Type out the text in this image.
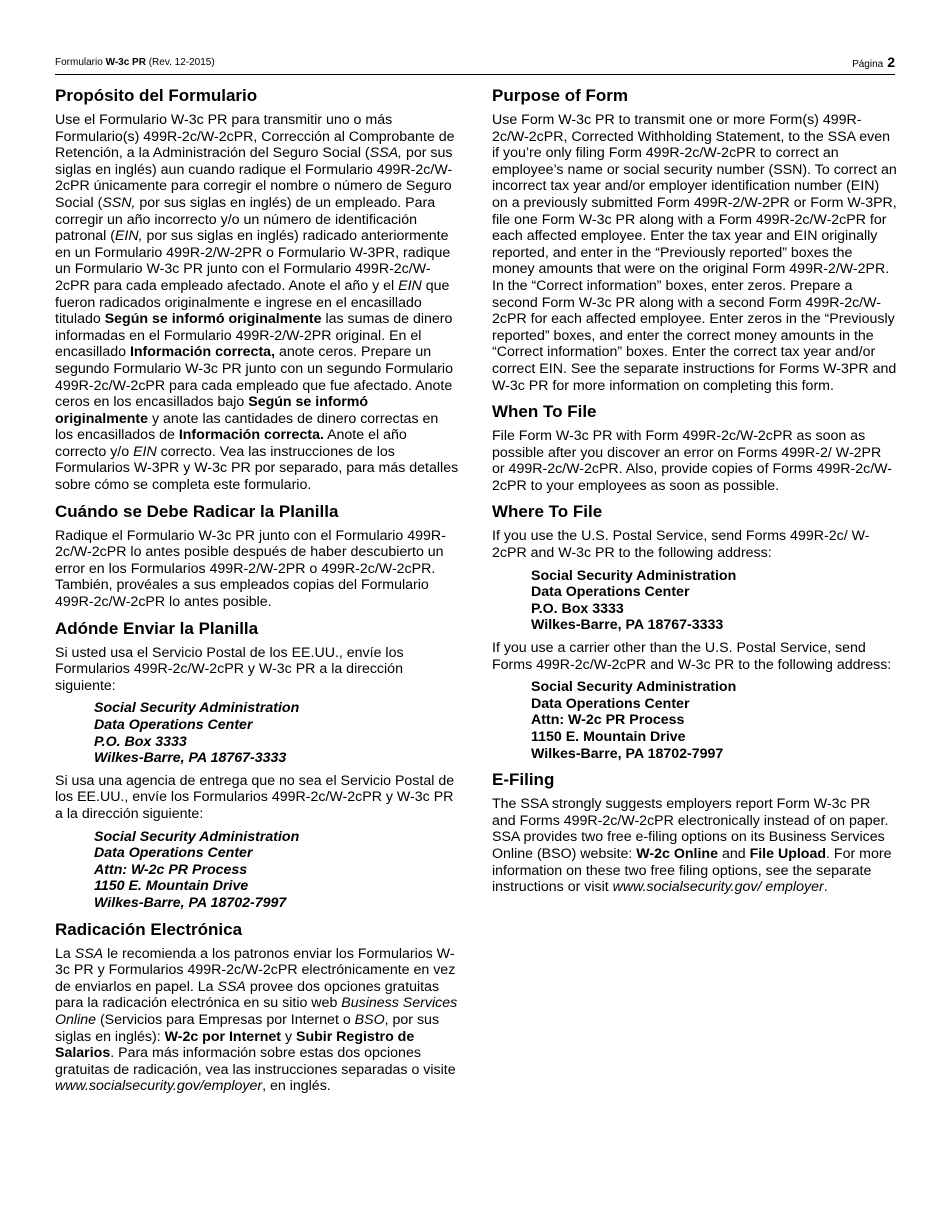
Formulario W-3c PR (Rev. 12-2015)	Página 2
Propósito del Formulario

Use el Formulario W-3c PR para transmitir uno o más Formulario(s) 499R-2c/W-2cPR, Corrección al Comprobante de Retención, a la Administración del Seguro Social (SSA, por sus siglas en inglés) aun cuando radique el Formulario 499R-2c/W-2cPR únicamente para corregir el nombre o número de Seguro Social (SSN, por sus siglas en inglés) de un empleado. Para corregir un año incorrecto y/o un número de identificación patronal (EIN, por sus siglas en inglés) radicado anteriormente en un Formulario 499R-2/W-2PR o Formulario W-3PR, radique un Formulario W-3c PR junto con el Formulario 499R-2c/W-2cPR para cada empleado afectado. Anote el año y el EIN que fueron radicados originalmente e ingrese en el encasillado titulado Según se informó originalmente las sumas de dinero informadas en el Formulario 499R-2/W-2PR original. En el encasillado Información correcta, anote ceros. Prepare un segundo Formulario W-3c PR junto con un segundo Formulario 499R-2c/W-2cPR para cada empleado que fue afectado. Anote ceros en los encasillados bajo Según se informó originalmente y anote las cantidades de dinero correctas en los encasillados de Información correcta. Anote el año correcto y/o EIN correcto. Vea las instrucciones de los Formularios W-3PR y W-3c PR por separado, para más detalles sobre cómo se completa este formulario.

Cuándo se Debe Radicar la Planilla

Radique el Formulario W-3c PR junto con el Formulario 499R-2c/W-2cPR lo antes posible después de haber descubierto un error en los Formularios 499R-2/W-2PR o 499R-2c/W-2cPR. También, provéales a sus empleados copias del Formulario 499R-2c/W-2cPR lo antes posible.

Adónde Enviar la Planilla

Si usted usa el Servicio Postal de los EE.UU., envíe los Formularios 499R-2c/W-2cPR y W-3c PR a la dirección siguiente:

Social Security Administration
Data Operations Center
P.O. Box 3333
Wilkes-Barre, PA 18767-3333

Si usa una agencia de entrega que no sea el Servicio Postal de los EE.UU., envíe los Formularios 499R-2c/W-2cPR y W-3c PR a la dirección siguiente:

Social Security Administration
Data Operations Center
Attn: W-2c PR Process
1150 E. Mountain Drive
Wilkes-Barre, PA 18702-7997
Radicación Electrónica

La SSA le recomienda a los patronos enviar los Formularios W-3c PR y Formularios 499R-2c/W-2cPR electrónicamente en vez de enviarlos en papel. La SSA provee dos opciones gratuitas para la radicación electrónica en su sitio web Business Services Online (Servicios para Empresas por Internet o BSO, por sus siglas en inglés): W-2c por Internet y Subir Registro de Salarios. Para más información sobre estas dos opciones gratuitas de radicación, vea las instrucciones separadas o visite www.socialsecurity.gov/employer, en inglés.

Purpose of Form

Use Form W-3c PR to transmit one or more Form(s) 499R-2c/W-2cPR, Corrected Withholding Statement, to the SSA even if you’re only filing Form 499R-2c/W-2cPR to correct an employee’s name or social security number (SSN). To correct an incorrect tax year and/or employer identification number (EIN) on a previously submitted Form 499R-2/W-2PR or Form W-3PR, file one Form W-3c PR along with a Form 499R-2c/W-2cPR for each affected employee. Enter the tax year and EIN originally reported, and enter in the “Previously reported” boxes the money amounts that were on the original Form 499R-2/W-2PR. In the “Correct information” boxes, enter zeros. Prepare a second Form W-3c PR along with a second Form 499R-2c/W-2cPR for each affected employee. Enter zeros in the “Previously reported” boxes, and enter the correct money amounts in the “Correct information” boxes. Enter the correct tax year and/or correct EIN. See the separate instructions for Forms W-3PR and W-3c PR for more information on completing this form.

When To File

File Form W-3c PR with Form 499R-2c/W-2cPR as soon as possible after you discover an error on Forms 499R-2/ W-2PR or 499R-2c/W-2cPR. Also, provide copies of Forms 499R-2c/W-2cPR to your employees as soon as possible.

Where To File

If you use the U.S. Postal Service, send Forms 499R-2c/ W-2cPR and W-3c PR to the following address:

Social Security Administration
Data Operations Center
P.O. Box 3333
Wilkes-Barre, PA 18767-3333

If you use a carrier other than the U.S. Postal Service, send Forms 499R-2c/W-2cPR and W-3c PR to the following address:

Social Security Administration
Data Operations Center
Attn: W-2c PR Process
1150 E. Mountain Drive
Wilkes-Barre, PA 18702-7997
E-Filing

The SSA strongly suggests employers report Form W-3c PR and Forms 499R-2c/W-2cPR electronically instead of on paper. SSA provides two free e-filing options on its Business Services Online (BSO) website: W-2c Online and File Upload. For more information on these two free filing options, see the separate instructions or visit www.socialsecurity.gov/ employer.
